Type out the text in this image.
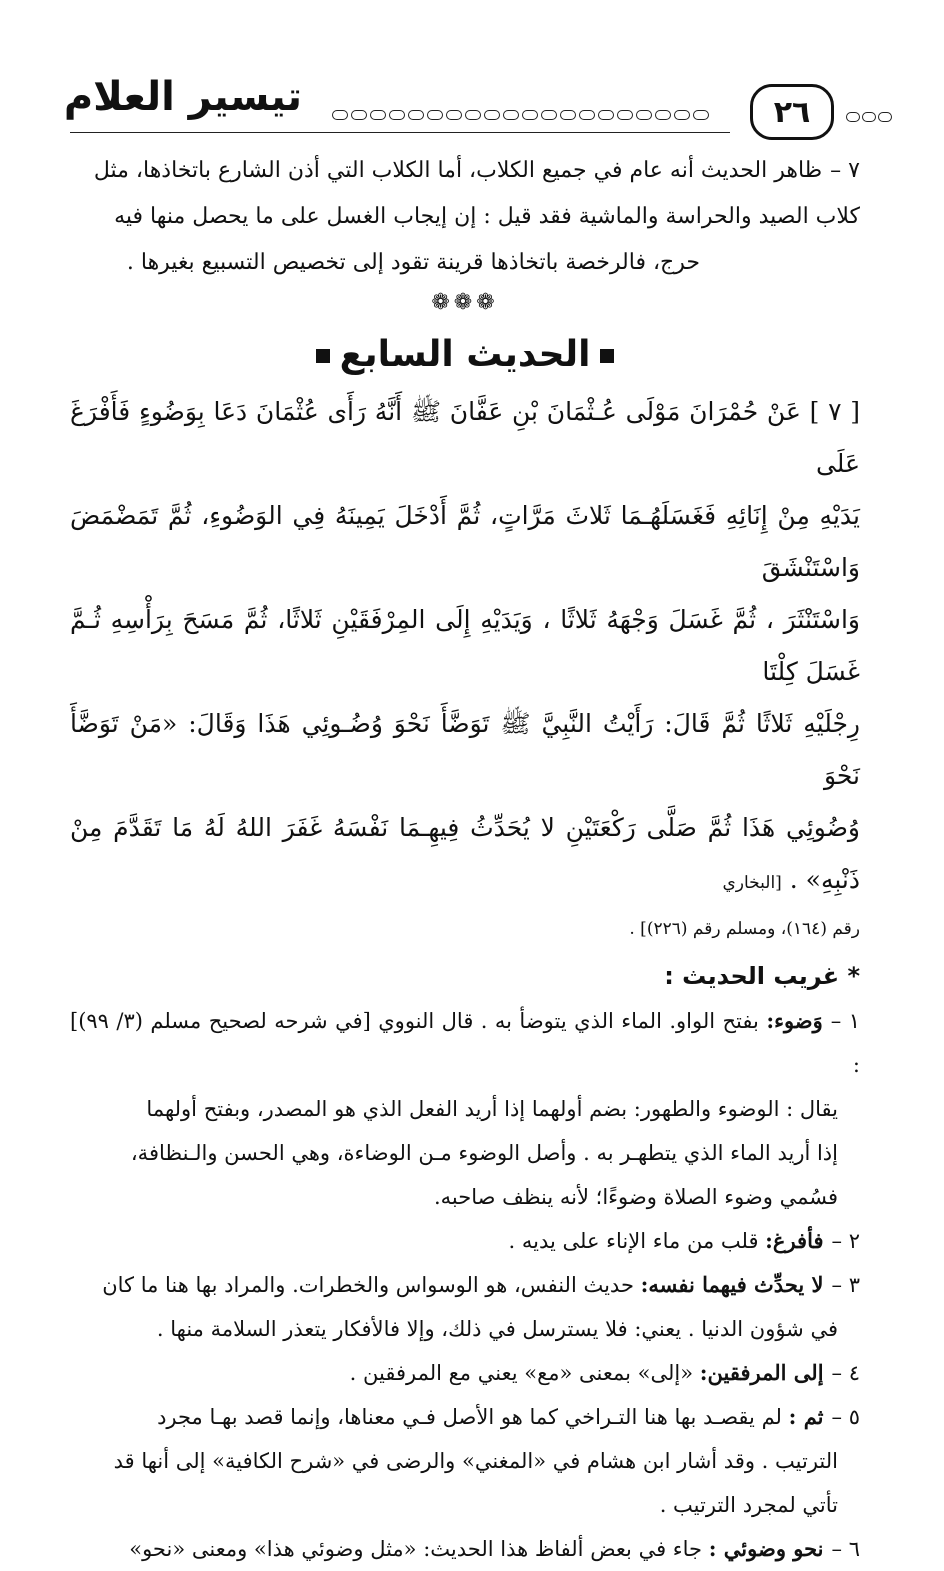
٢٦
تيسير العلام

٧ –ظاهر الحديث أنه عام في جميع الكلاب، أما الكلاب التي أذن الشارع باتخاذها، مثل

كلاب الصيد والحراسة والماشية فقد قيل : إن إيجاب الغسل على ما يحصل منها فيه

حرج، فالرخصة باتخاذها قرينة تقود إلى تخصيص التسبيع بغيرها .

❁❁❁
الحديث السابع

[ ٧ ] عَنْ حُمْرَانَ مَوْلَى عُـثْمَانَ بْنِ عَفَّانَ ﷺ أَنَّهُ رَأَى عُثْمَانَ دَعَا بِوَضُوءٍ فَأَفْرَغَ عَلَى

يَدَيْهِ مِنْ إِنَائِهِ فَغَسَلَهُـمَا ثَلاثَ مَرَّاتٍ، ثُمَّ أَدْخَلَ يَمِينَهُ فِي الوَضُوءِ، ثُمَّ تَمَضْمَضَ وَاسْتَنْشَقَ

وَاسْتَنْثَرَ ، ثُمَّ غَسَلَ وَجْهَهُ ثَلاثًا ، وَيَدَيْهِ إِلَى المِرْفَقَيْنِ ثَلاثًا، ثُمَّ مَسَحَ بِرَأْسِهِ ثُـمَّ غَسَلَ كِلْتَا

رِجْلَيْهِ ثَلاثًا ثُمَّ قَالَ: رَأَيْتُ النَّبِيَّ ﷺ تَوَضَّأَ نَحْوَ وُضُـوئِي هَذَا وَقَالَ: «مَنْ تَوَضَّأَ نَحْوَ

وُضُوئِي هَذَا ثُمَّ صَلَّى رَكْعَتَيْنِ لا يُحَدِّثُ فِيهِـمَا نَفْسَهُ غَفَرَ اللهُ لَهُ مَا تَقَدَّمَ مِنْ ذَنْبِهِ» . [البخاري

رقم (١٦٤)، ومسلم رقم (٢٢٦)] .
* غريب الحديث :

١ –وَضوء: بفتح الواو. الماء الذي يتوضأ به . قال النووي [في شرحه لصحيح مسلم (٣/ ٩٩)] :

يقال : الوضوء والطهور: بضم أولهما إذا أريد الفعل الذي هو المصدر، وبفتح أولهما

إذا أريد الماء الذي يتطهـر به . وأصل الوضوء مـن الوضاءة، وهي الحسن والـنظافة،

فسُمي وضوء الصلاة وضوءًا؛ لأنه ينظف صاحبه.

٢ –فأفرغ: قلب من ماء الإناء على يديه .

٣ –لا يحدِّث فيهما نفسه: حديث النفس، هو الوسواس والخطرات. والمراد بها هنا ما كان

في شؤون الدنيا . يعني: فلا يسترسل في ذلك، وإلا فالأفكار يتعذر السلامة منها .

٤ –إلى المرفقين: «إلى» بمعنى «مع» يعني مع المرفقين .

٥ –ثم : لم يقصـد بها هنا التـراخي كما هو الأصل فـي معناها، وإنما قصد بهـا مجرد

الترتيب . وقد أشار ابن هشام في «المغني» والرضى في «شرح الكافية» إلى أنها قد

تأتي لمجرد الترتيب .

٦ –نحو وضوئي : جاء في بعض ألفاظ هذا الحديث: «مثل وضوئي هذا» ومعنى «نحو»
